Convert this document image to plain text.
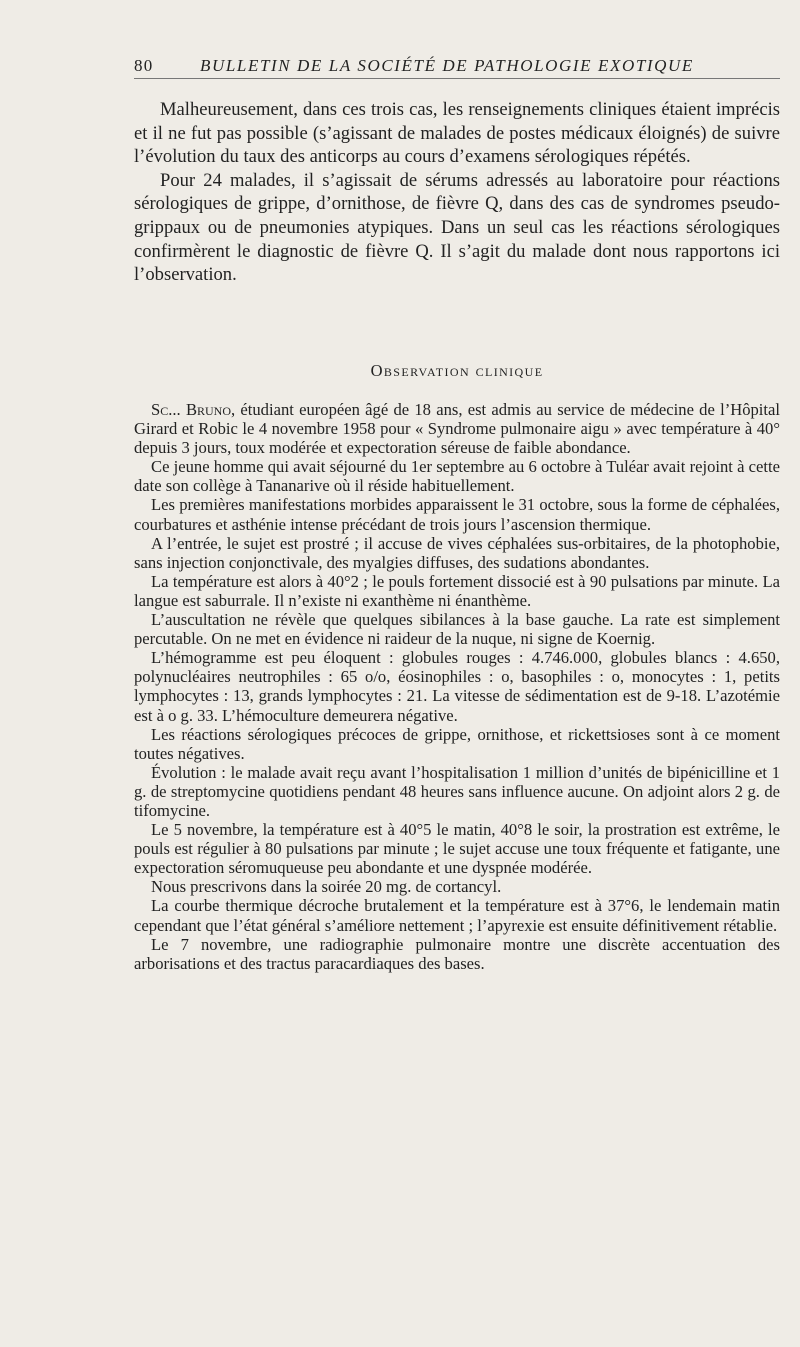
80	BULLETIN DE LA SOCIÉTÉ DE PATHOLOGIE EXOTIQUE

Malheureusement, dans ces trois cas, les renseignements cliniques étaient imprécis et il ne fut pas possible (s’agissant de malades de postes médicaux éloignés) de suivre l’évolution du taux des anticorps au cours d’examens sérologiques répétés.

Pour 24 malades, il s’agissait de sérums adressés au laboratoire pour réactions sérologiques de grippe, d’ornithose, de fièvre Q, dans des cas de syndromes pseudo-grippaux ou de pneumonies atypiques. Dans un seul cas les réactions sérologiques confirmèrent le diagnostic de fièvre Q. Il s’agit du malade dont nous rapportons ici l’observation.

Observation clinique

Sc... Bruno, étudiant européen âgé de 18 ans, est admis au service de médecine de l’Hôpital Girard et Robic le 4 novembre 1958 pour « Syndrome pulmonaire aigu » avec température à 40° depuis 3 jours, toux modérée et expectoration séreuse de faible abondance.

Ce jeune homme qui avait séjourné du 1er septembre au 6 octobre à Tuléar avait rejoint à cette date son collège à Tananarive où il réside habituellement.

Les premières manifestations morbides apparaissent le 31 octobre, sous la forme de céphalées, courbatures et asthénie intense précédant de trois jours l’ascension thermique.

A l’entrée, le sujet est prostré ; il accuse de vives céphalées sus-orbitaires, de la photophobie, sans injection conjonctivale, des myalgies diffuses, des sudations abondantes.

La température est alors à 40°2 ; le pouls fortement dissocié est à 90 pulsations par minute. La langue est saburrale. Il n’existe ni exanthème ni énanthème.

L’auscultation ne révèle que quelques sibilances à la base gauche. La rate est simplement percutable. On ne met en évidence ni raideur de la nuque, ni signe de Koernig.

L’hémogramme est peu éloquent : globules rouges : 4.746.000, globules blancs : 4.650, polynucléaires neutrophiles : 65 o/o, éosinophiles : o, basophiles : o, monocytes : 1, petits lymphocytes : 13, grands lymphocytes : 21. La vitesse de sédimentation est de 9-18. L’azotémie est à o g. 33. L’hémoculture demeurera négative.

Les réactions sérologiques précoces de grippe, ornithose, et rickettsioses sont à ce moment toutes négatives.

Évolution : le malade avait reçu avant l’hospitalisation 1 million d’unités de bipénicilline et 1 g. de streptomycine quotidiens pendant 48 heures sans influence aucune. On adjoint alors 2 g. de tifomycine.

Le 5 novembre, la température est à 40°5 le matin, 40°8 le soir, la prostration est extrême, le pouls est régulier à 80 pulsations par minute ; le sujet accuse une toux fréquente et fatigante, une expectoration séromuqueuse peu abondante et une dyspnée modérée.

Nous prescrivons dans la soirée 20 mg. de cortancyl.

La courbe thermique décroche brutalement et la température est à 37°6, le lendemain matin cependant que l’état général s’améliore nettement ; l’apyrexie est ensuite définitivement rétablie.

Le 7 novembre, une radiographie pulmonaire montre une discrète accentuation des arborisations et des tractus paracardiaques des bases.
